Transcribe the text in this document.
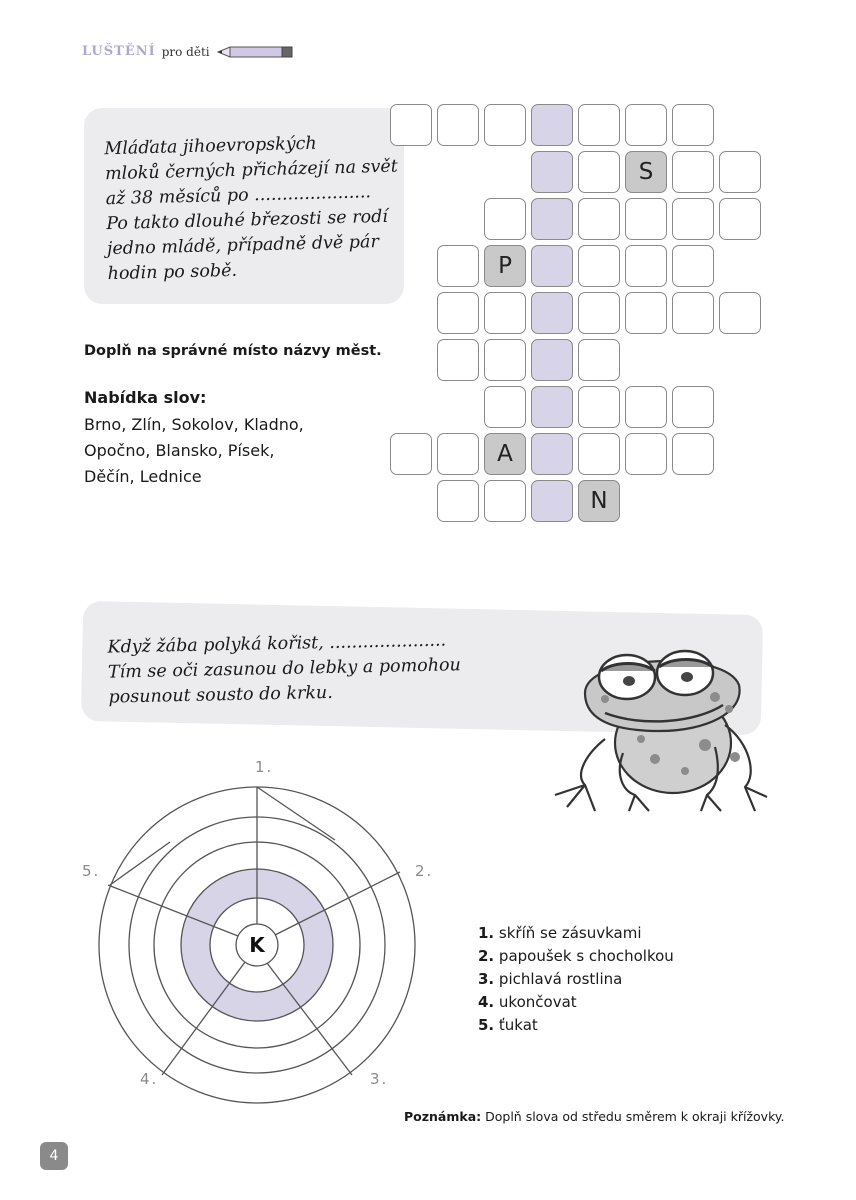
LUŠTĚNÍ pro děti
Mláďata jihoevropských
mloků černých přicházejí na svět
až 38 měsíců po .....................
Po takto dlouhé březosti se rodí
jedno mládě, případně dvě pár
hodin po sobě.
Doplň na správné místo názvy měst.
Nabídka slov:
Brno, Zlín, Sokolov, Kladno,
Opočno, Blansko, Písek,
Děčín, Lednice
S
P
A
N
Když žába polyká kořist, .....................
Tím se oči zasunou do lebky a pomohou
posunout sousto do krku.
K
1.
2.
3.
4.
5.
1. skříň se zásuvkami
2. papoušek s chocholkou
3. pichlavá rostlina
4. ukončovat
5. ťukat
Poznámka: Doplň slova od středu směrem k okraji křížovky.
4
